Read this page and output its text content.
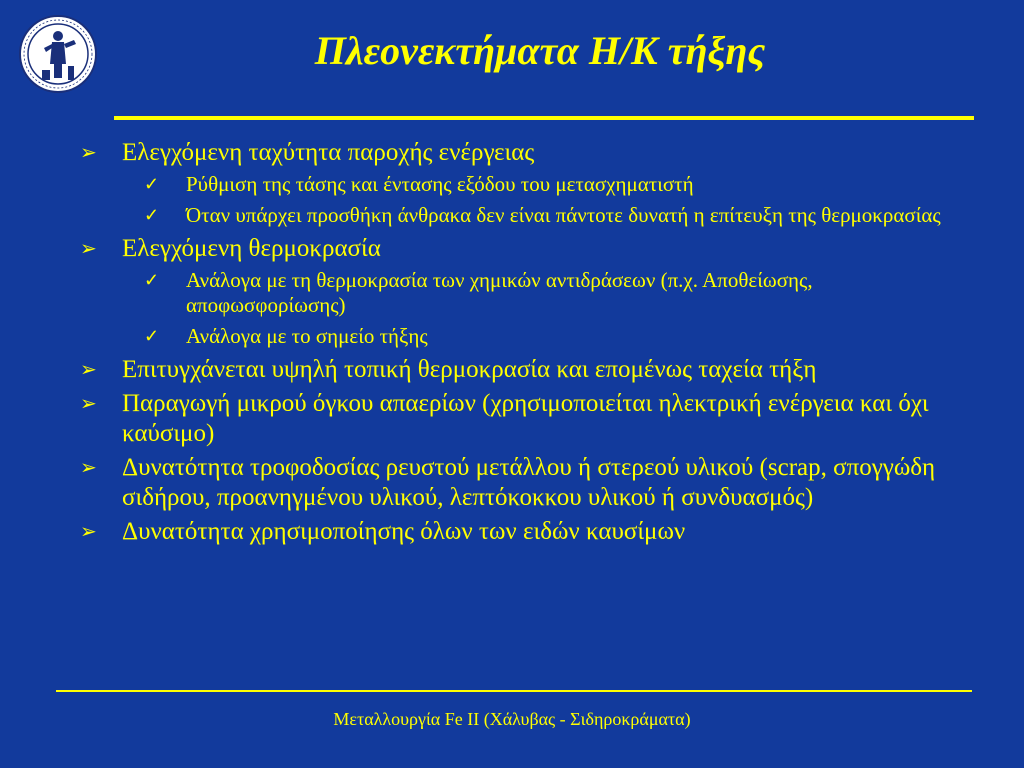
Πλεονεκτήματα Η/Κ τήξης
➢	Ελεγχόμενη ταχύτητα παροχής ενέργειας
✓	Ρύθμιση της τάσης και έντασης εξόδου του μετασχηματιστή
✓	Όταν υπάρχει προσθήκη άνθρακα δεν είναι πάντοτε δυνατή η επίτευξη της θερμοκρασίας
➢	Ελεγχόμενη θερμοκρασία
✓	Ανάλογα με τη θερμοκρασία των χημικών αντιδράσεων (π.χ. Αποθείωσης, αποφωσφορίωσης)
✓	Ανάλογα με το σημείο τήξης
➢	Επιτυγχάνεται υψηλή τοπική θερμοκρασία και επομένως ταχεία τήξη
➢	Παραγωγή μικρού όγκου απαερίων (χρησιμοποιείται ηλεκτρική ενέργεια και όχι καύσιμο)
➢	Δυνατότητα τροφοδοσίας ρευστού μετάλλου ή στερεού υλικού (scrap, σπογγώδη σιδήρου, προανηγμένου υλικού, λεπτόκοκκου υλικού ή συνδυασμός)
➢	Δυνατότητα χρησιμοποίησης όλων των ειδών καυσίμων
Μεταλλουργία Fe II (Χάλυβας - Σιδηροκράματα)
